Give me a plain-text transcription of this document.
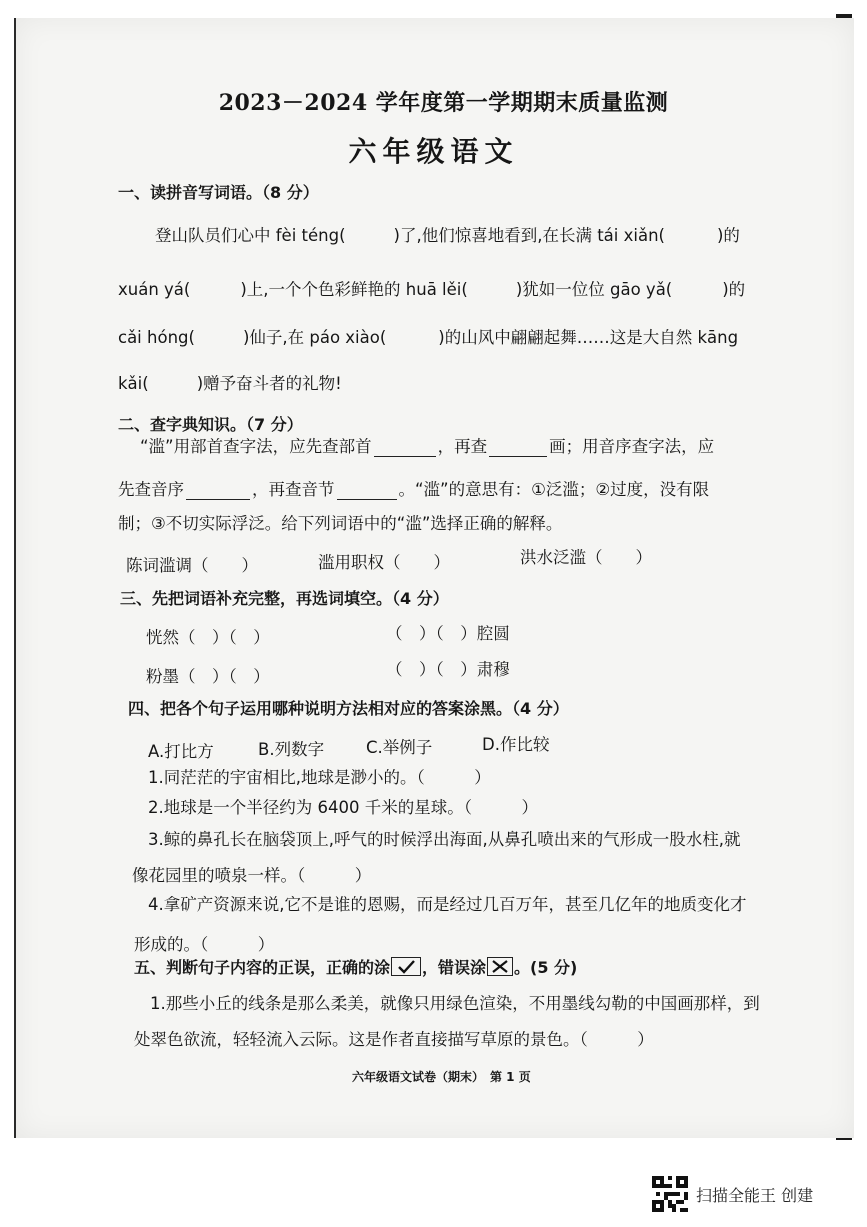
2023－2024 学年度第一学期期末质量监测
六年级语文
一、读拼音写词语。（8 分）
登山队员们心中 fèi téng(	)了,他们惊喜地看到,在长满 tái xiǎn(	)的
xuán yá(	)上,一个个色彩鲜艳的 huā lěi(	)犹如一位位 gāo yǎ(	)的
cǎi hóng(	)仙子,在 páo xiào(	)的山风中翩翩起舞……这是大自然 kāng
kǎi(	)赠予奋斗者的礼物!
二、查字典知识。（7 分）
“滥”用部首查字法，应先查部首	，再查	画；用音序查字法，应
先查音序	，再查音节	。“滥”的意思有：①泛滥；②过度，没有限
制；③不切实际浮泛。给下列词语中的“滥”选择正确的解释。
陈词滥调（　　）	滥用职权（　　）	洪水泛滥（　　）
三、先把词语补充完整，再选词填空。（4 分）
恍然（　）（　）	（　）（　）腔圆
粉墨（　）（　）	（　）（　）肃穆
四、把各个句子运用哪种说明方法相对应的答案涂黑。（4 分）
A.打比方	B.列数字	C.举例子	D.作比较
1.同茫茫的宇宙相比,地球是渺小的。（　　　）
2.地球是一个半径约为 6400 千米的星球。（　　　）
3.鲸的鼻孔长在脑袋顶上,呼气的时候浮出海面,从鼻孔喷出来的气形成一股水柱,就
像花园里的喷泉一样。（　　　）
4.拿矿产资源来说,它不是谁的恩赐，而是经过几百万年，甚至几亿年的地质变化才
形成的。（　　　）
五、判断句子内容的正误，正确的涂 ，错误涂 。(5 分)
1.那些小丘的线条是那么柔美，就像只用绿色渲染，不用墨线勾勒的中国画那样，到
处翠色欲流，轻轻流入云际。这是作者直接描写草原的景色。（　　　）
六年级语文试卷（期末）　第 1 页
扫描全能王 创建
